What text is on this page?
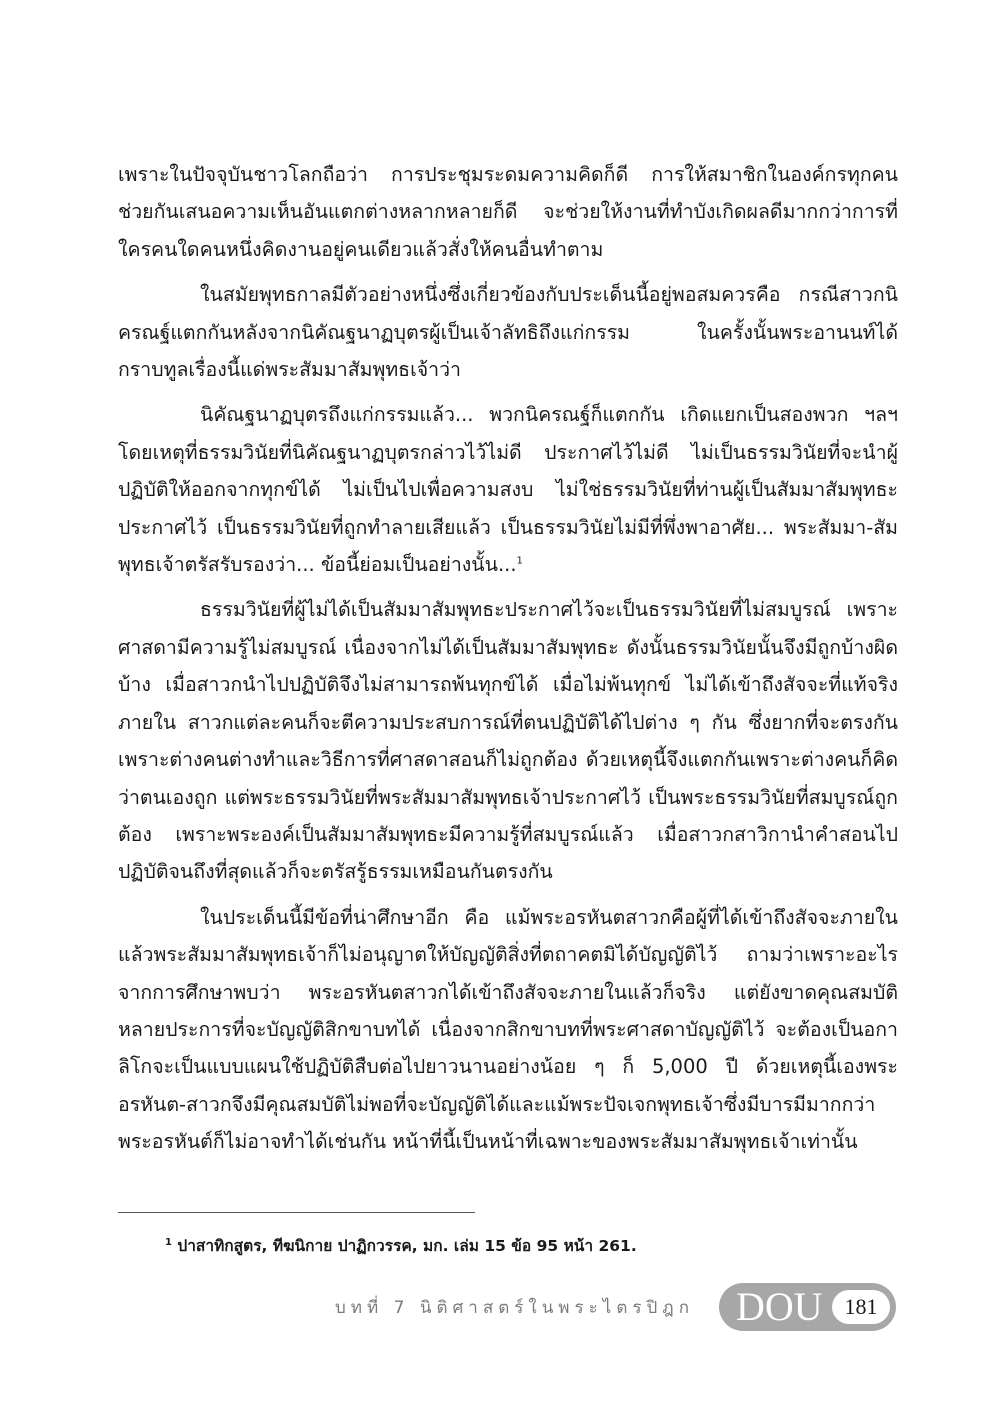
เพราะในปัจจุบันชาวโลกถือว่า การประชุมระดมความคิดก็ดี การให้สมาชิกในองค์กรทุกคนช่วยกันเสนอความเห็นอันแตกต่างหลากหลายก็ดี จะช่วยให้งานที่ทำบังเกิดผลดีมากกว่าการที่ใครคนใดคนหนึ่งคิดงานอยู่คนเดียวแล้วสั่งให้คนอื่นทำตาม

ในสมัยพุทธกาลมีตัวอย่างหนึ่งซึ่งเกี่ยวข้องกับประเด็นนี้อยู่พอสมควรคือ กรณีสาวกนิครณฐ์แตกกันหลังจากนิคัณฐนาฏบุตรผู้เป็นเจ้าลัทธิถึงแก่กรรม ในครั้งนั้นพระอานนท์ได้กราบทูลเรื่องนี้แด่พระสัมมาสัมพุทธเจ้าว่า

นิคัณฐนาฏบุตรถึงแก่กรรมแล้ว... พวกนิครณฐ์ก็แตกกัน เกิดแยกเป็นสองพวก ฯลฯ โดยเหตุที่ธรรมวินัยที่นิคัณฐนาฏบุตรกล่าวไว้ไม่ดี ประกาศไว้ไม่ดี ไม่เป็นธรรมวินัยที่จะนำผู้ปฏิบัติให้ออกจากทุกข์ได้ ไม่เป็นไปเพื่อความสงบ ไม่ใช่ธรรมวินัยที่ท่านผู้เป็นสัมมาสัมพุทธะประกาศไว้ เป็นธรรมวินัยที่ถูกทำลายเสียแล้ว เป็นธรรมวินัยไม่มีที่พึ่งพาอาศัย... พระสัมมา-สัมพุทธเจ้าตรัสรับรองว่า... ข้อนี้ย่อมเป็นอย่างนั้น...$^1$

ธรรมวินัยที่ผู้ไม่ได้เป็นสัมมาสัมพุทธะประกาศไว้จะเป็นธรรมวินัยที่ไม่สมบูรณ์ เพราะศาสดามีความรู้ไม่สมบูรณ์ เนื่องจากไม่ได้เป็นสัมมาสัมพุทธะ ดังนั้นธรรมวินัยนั้นจึงมีถูกบ้างผิดบ้าง เมื่อสาวกนำไปปฏิบัติจึงไม่สามารถพ้นทุกข์ได้ เมื่อไม่พ้นทุกข์ ไม่ได้เข้าถึงสัจจะที่แท้จริงภายใน สาวกแต่ละคนก็จะตีความประสบการณ์ที่ตนปฏิบัติได้ไปต่าง ๆ กัน ซึ่งยากที่จะตรงกันเพราะต่างคนต่างทำและวิธีการที่ศาสดาสอนก็ไม่ถูกต้อง ด้วยเหตุนี้จึงแตกกันเพราะต่างคนก็คิดว่าตนเองถูก แต่พระธรรมวินัยที่พระสัมมาสัมพุทธเจ้าประกาศไว้ เป็นพระธรรมวินัยที่สมบูรณ์ถูกต้อง เพราะพระองค์เป็นสัมมาสัมพุทธะมีความรู้ที่สมบูรณ์แล้ว เมื่อสาวกสาวิกานำคำสอนไปปฏิบัติจนถึงที่สุดแล้วก็จะตรัสรู้ธรรมเหมือนกันตรงกัน

ในประเด็นนี้มีข้อที่น่าศึกษาอีก คือ แม้พระอรหันตสาวกคือผู้ที่ได้เข้าถึงสัจจะภายในแล้วพระสัมมาสัมพุทธเจ้าก็ไม่อนุญาตให้บัญญัติสิ่งที่ตถาคตมิได้บัญญัติไว้ ถามว่าเพราะอะไร จากการศึกษาพบว่า พระอรหันตสาวกได้เข้าถึงสัจจะภายในแล้วก็จริง แต่ยังขาดคุณสมบัติหลายประการที่จะบัญญัติสิกขาบทได้ เนื่องจากสิกขาบทที่พระศาสดาบัญญัติไว้ จะต้องเป็นอกาลิโกจะเป็นแบบแผนใช้ปฏิบัติสืบต่อไปยาวนานอย่างน้อย ๆ ก็ 5,000 ปี ด้วยเหตุนี้เองพระอรหันต-สาวกจึงมีคุณสมบัติไม่พอที่จะบัญญัติได้และแม้พระปัจเจกพุทธเจ้าซึ่งมีบารมีมากกว่าพระอรหันต์ก็ไม่อาจทำได้เช่นกัน หน้าที่นี้เป็นหน้าที่เฉพาะของพระสัมมาสัมพุทธเจ้าเท่านั้น

$^1$ ปาสาทิกสูตร, ทีฆนิกาย ปาฏิกวรรค, มก. เล่ม 15 ข้อ 95 หน้า 261.
บทที่ 7 นิติศาสตร์ในพระไตรปิฎก DOU 181
